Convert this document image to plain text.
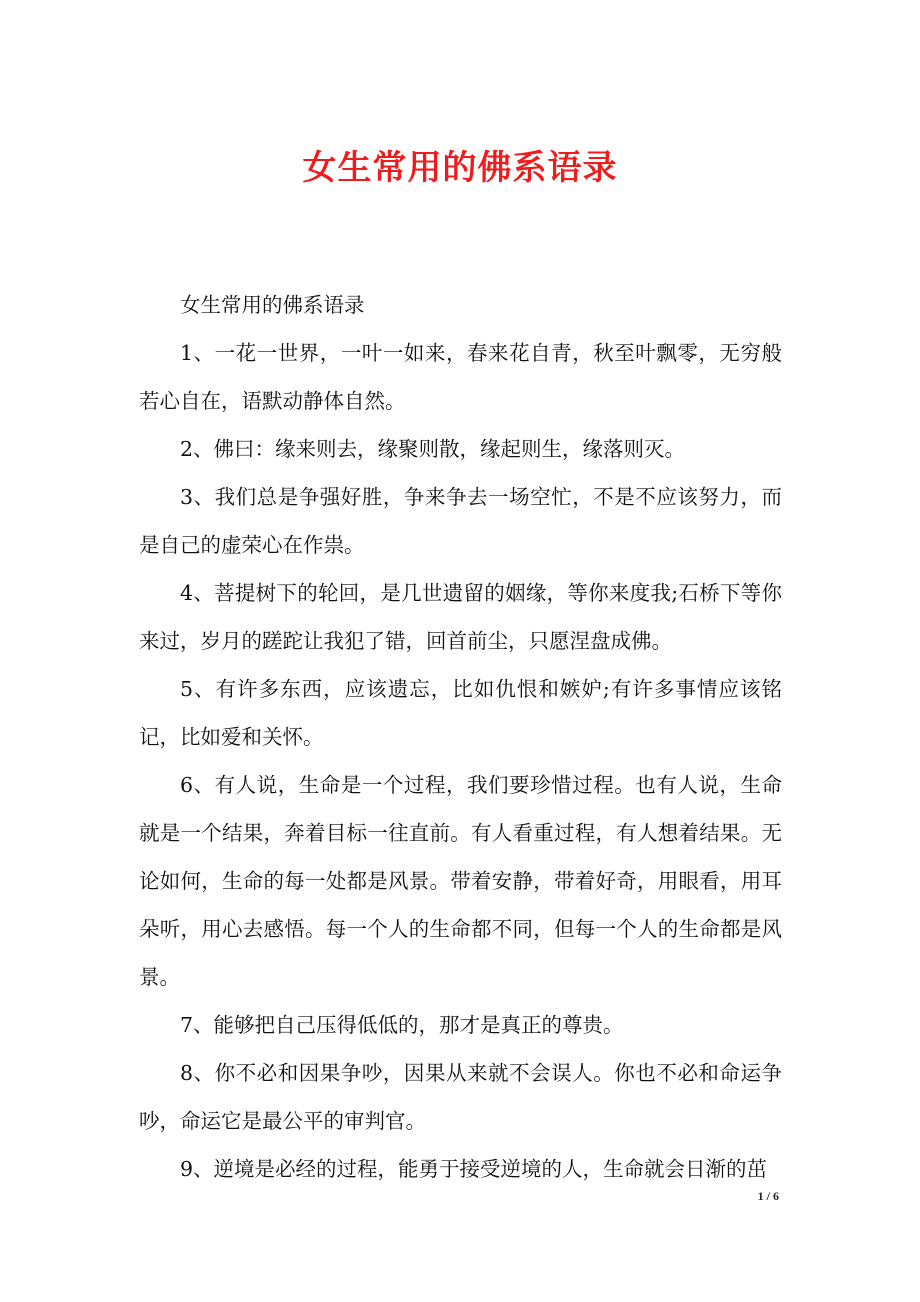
女生常用的佛系语录

女生常用的佛系语录

1、一花一世界，一叶一如来，春来花自青，秋至叶飘零，无穷般若心自在，语默动静体自然。

2、佛曰：缘来则去，缘聚则散，缘起则生，缘落则灭。

3、我们总是争强好胜，争来争去一场空忙，不是不应该努力，而是自己的虚荣心在作祟。

4、菩提树下的轮回，是几世遗留的姻缘，等你来度我;石桥下等你来过，岁月的蹉跎让我犯了错，回首前尘，只愿涅盘成佛。

5、有许多东西，应该遗忘，比如仇恨和嫉妒;有许多事情应该铭记，比如爱和关怀。

6、有人说，生命是一个过程，我们要珍惜过程。也有人说，生命就是一个结果，奔着目标一往直前。有人看重过程，有人想着结果。无论如何，生命的每一处都是风景。带着安静，带着好奇，用眼看，用耳朵听，用心去感悟。每一个人的生命都不同，但每一个人的生命都是风景。

7、能够把自己压得低低的，那才是真正的尊贵。

8、你不必和因果争吵，因果从来就不会误人。你也不必和命运争吵，命运它是最公平的审判官。

9、逆境是必经的过程，能勇于接受逆境的人，生命就会日渐的茁

1 / 6
